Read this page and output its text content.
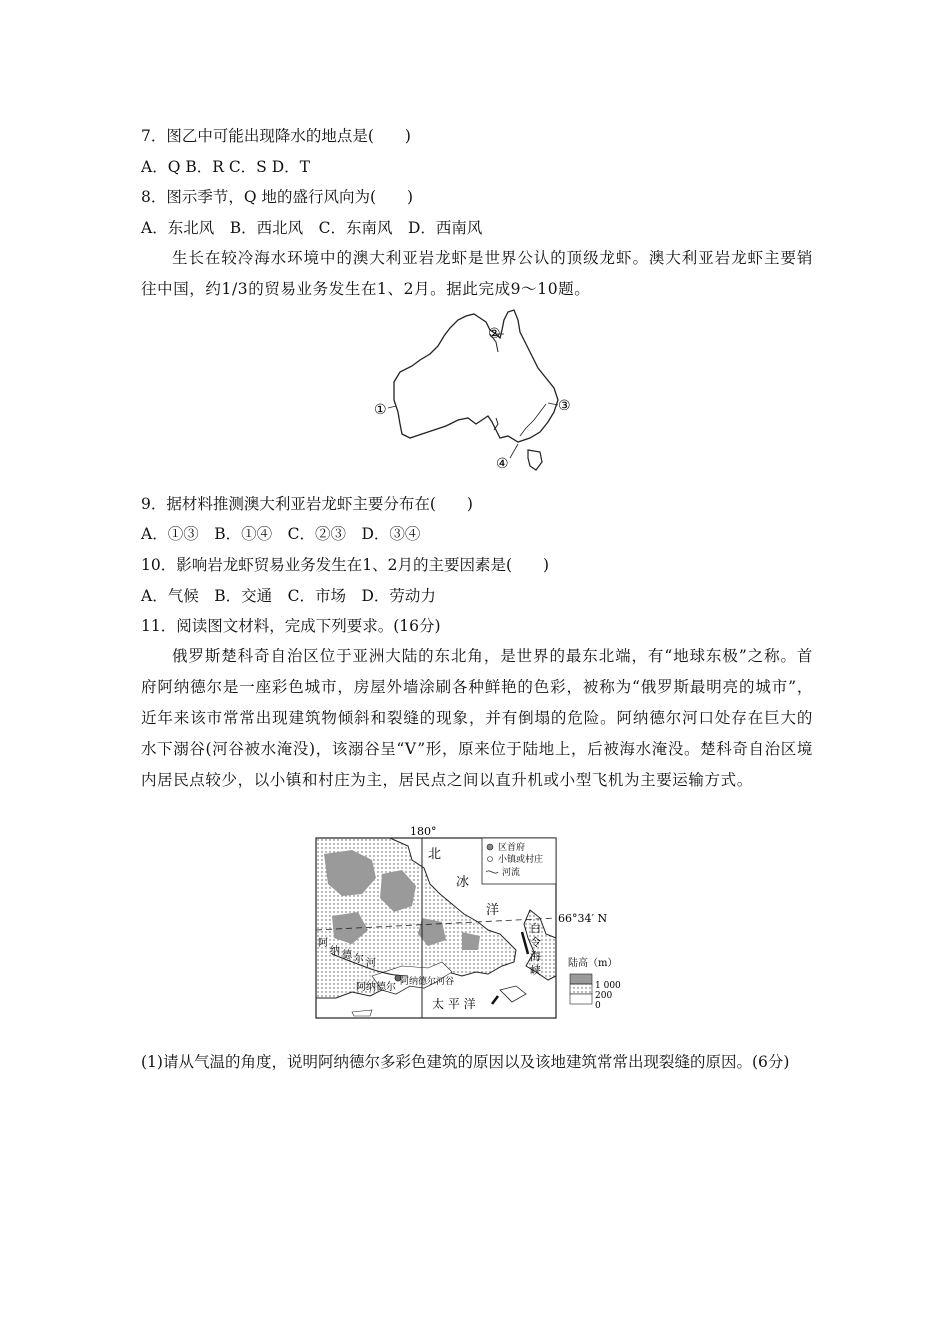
7．图乙中可能出现降水的地点是(　　)
A．Q B．R C．S D．T
8．图示季节，Q 地的盛行风向为(　　)
A．东北风　B．西北风　C．东南风　D．西南风
生长在较冷海水环境中的澳大利亚岩龙虾是世界公认的顶级龙虾。澳大利亚岩龙虾主要销往中国，约1/3的贸易业务发生在1、2月。据此完成9～10题。
①
②
③
④
9．据材料推测澳大利亚岩龙虾主要分布在(　　)
A．①③　B．①④　C．②③　D．③④
10．影响岩龙虾贸易业务发生在1、2月的主要因素是(　　)
A．气候　B．交通　C．市场　D．劳动力
11．阅读图文材料，完成下列要求。(16分)
俄罗斯楚科奇自治区位于亚洲大陆的东北角，是世界的最东北端，有“地球东极”之称。首府阿纳德尔是一座彩色城市，房屋外墙涂刷各种鲜艳的色彩，被称为“俄罗斯最明亮的城市”，近年来该市常常出现建筑物倾斜和裂缝的现象，并有倒塌的危险。阿纳德尔河口处存在巨大的水下溺谷(河谷被水淹没)，该溺谷呈“V”形，原来位于陆地上，后被海水淹没。楚科奇自治区境内居民点较少，以小镇和村庄为主，居民点之间以直升机或小型飞机为主要运输方式。
180°
66°34′ N
北
冰
洋
白
令
海
峡
太 平 洋
阿
纳 德 尔 河
阿纳德尔 阿纳德尔河谷
区首府
小镇或村庄
河流
陆高（m）
1 000
200
0
(1)请从气温的角度，说明阿纳德尔多彩色建筑的原因以及该地建筑常常出现裂缝的原因。(6分)
